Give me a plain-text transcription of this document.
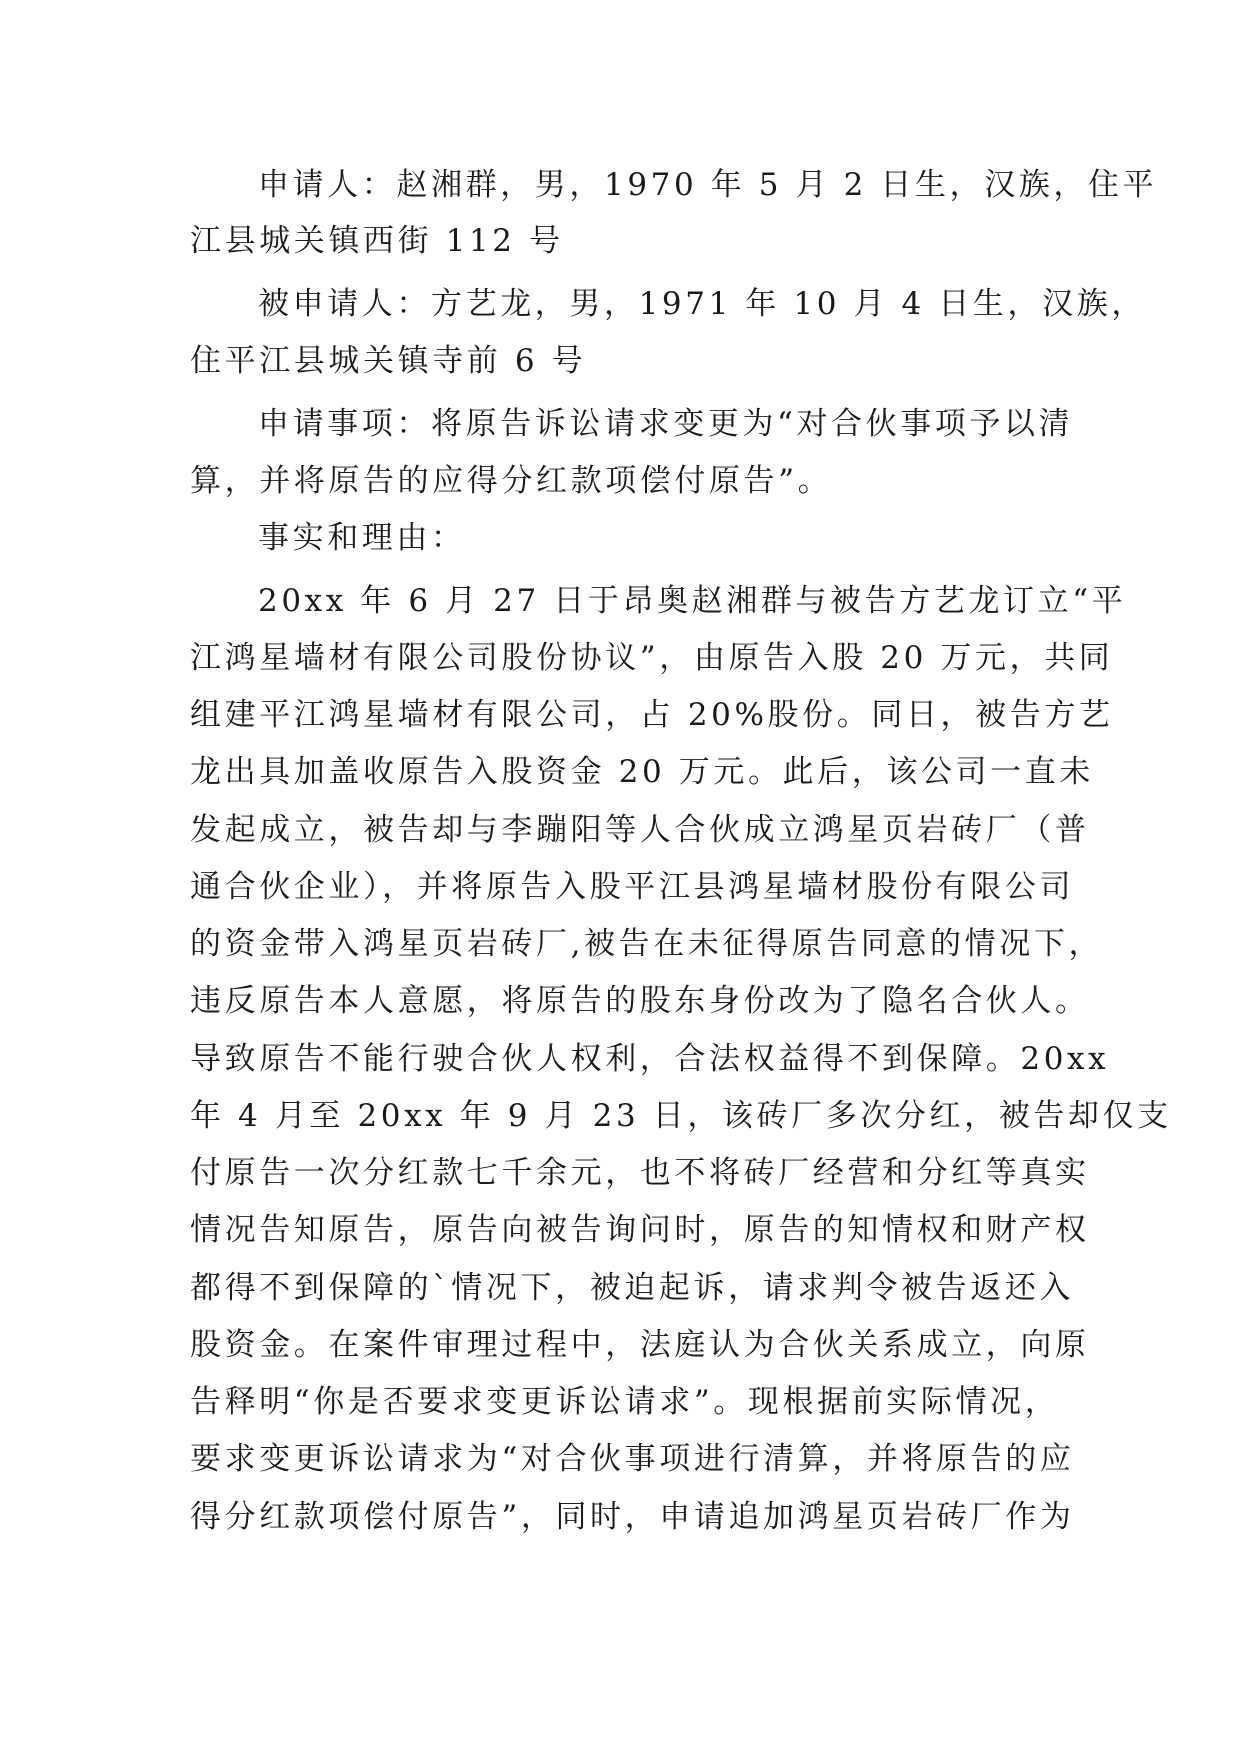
申请人：赵湘群，男，1970 年 5 月 2 日生，汉族，住平
江县城关镇西街 112 号
被申请人：方艺龙，男，1971 年 10 月 4 日生，汉族，
住平江县城关镇寺前 6 号
申请事项：将原告诉讼请求变更为“对合伙事项予以清
算，并将原告的应得分红款项偿付原告”。
事实和理由：
20xx 年 6 月 27 日于昂奥赵湘群与被告方艺龙订立“平
江鸿星墙材有限公司股份协议”，由原告入股 20 万元，共同
组建平江鸿星墙材有限公司，占 20%股份。同日，被告方艺
龙出具加盖收原告入股资金 20 万元。此后，该公司一直未
发起成立，被告却与李蹦阳等人合伙成立鸿星页岩砖厂（普
通合伙企业），并将原告入股平江县鸿星墙材股份有限公司
的资金带入鸿星页岩砖厂,被告在未征得原告同意的情况下，
违反原告本人意愿，将原告的股东身份改为了隐名合伙人。
导致原告不能行驶合伙人权利，合法权益得不到保障。20xx
年 4 月至 20xx 年 9 月 23 日，该砖厂多次分红，被告却仅支
付原告一次分红款七千余元，也不将砖厂经营和分红等真实
情况告知原告，原告向被告询问时，原告的知情权和财产权
都得不到保障的`情况下，被迫起诉，请求判令被告返还入
股资金。在案件审理过程中，法庭认为合伙关系成立，向原
告释明“你是否要求变更诉讼请求”。现根据前实际情况，
要求变更诉讼请求为“对合伙事项进行清算，并将原告的应
得分红款项偿付原告”，同时，申请追加鸿星页岩砖厂作为
